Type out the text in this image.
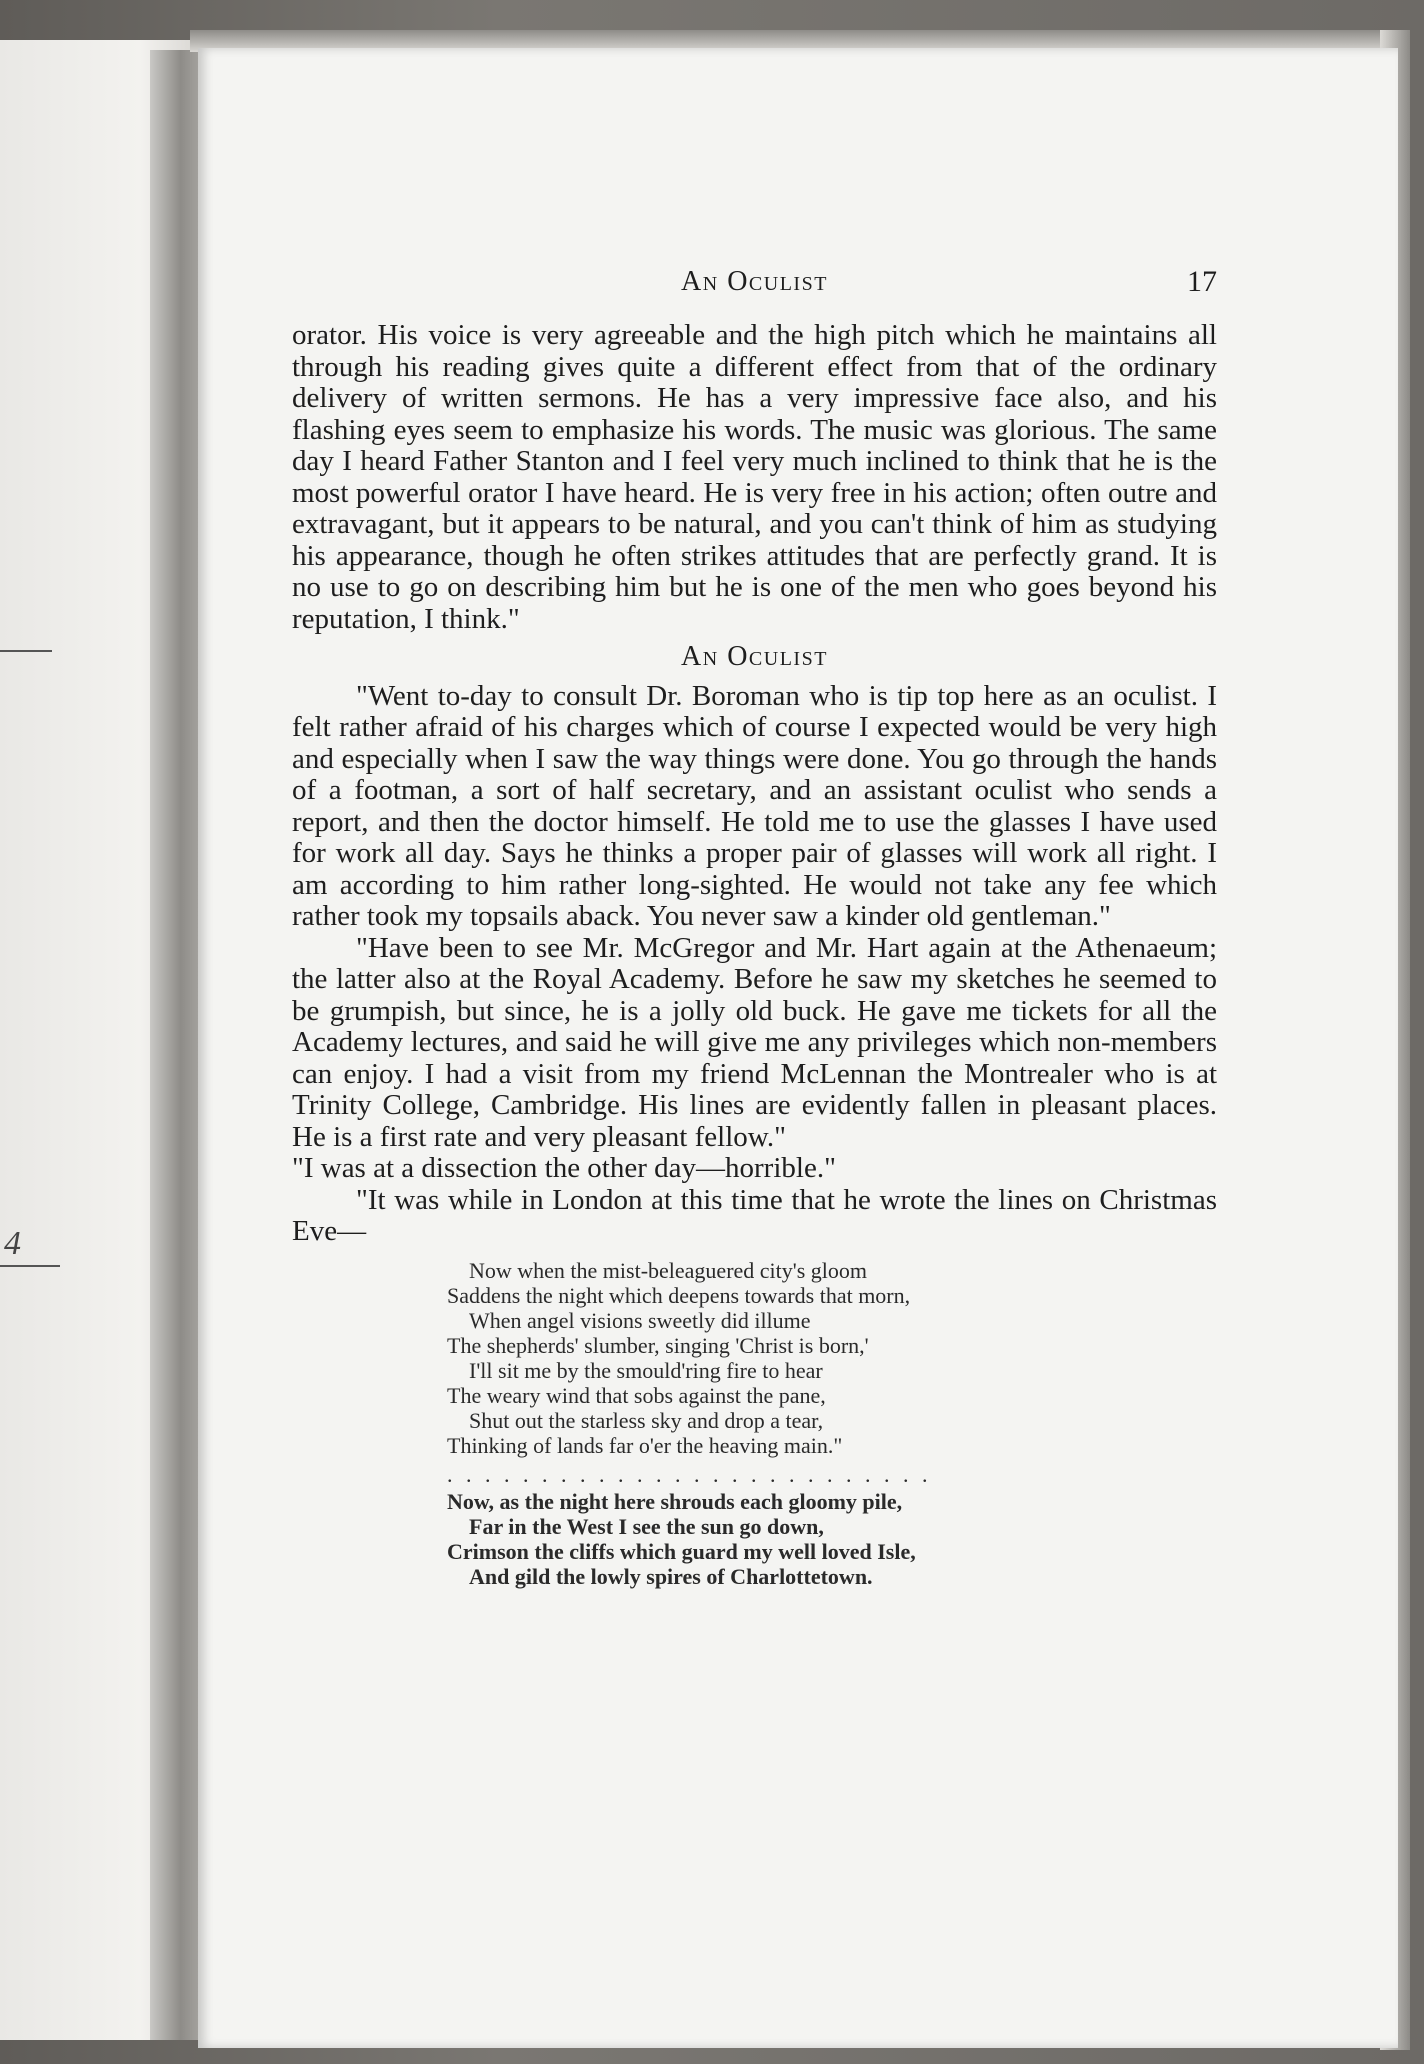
4
An Oculist	17

orator. His voice is very agreeable and the high pitch which he maintains all through his reading gives quite a different effect from that of the ordinary delivery of written sermons. He has a very impressive face also, and his flashing eyes seem to emphasize his words. The music was glorious. The same day I heard Father Stanton and I feel very much inclined to think that he is the most powerful orator I have heard. He is very free in his action; often outre and extravagant, but it appears to be natural, and you can't think of him as studying his appearance, though he often strikes attitudes that are perfectly grand. It is no use to go on describing him but he is one of the men who goes beyond his reputation, I think."

An Oculist

"Went to-day to consult Dr. Boroman who is tip top here as an oculist. I felt rather afraid of his charges which of course I expected would be very high and especially when I saw the way things were done. You go through the hands of a footman, a sort of half secretary, and an assistant oculist who sends a report, and then the doctor himself. He told me to use the glasses I have used for work all day. Says he thinks a proper pair of glasses will work all right. I am according to him rather long-sighted. He would not take any fee which rather took my topsails aback. You never saw a kinder old gentleman."

"Have been to see Mr. McGregor and Mr. Hart again at the Athenaeum; the latter also at the Royal Academy. Before he saw my sketches he seemed to be grumpish, but since, he is a jolly old buck. He gave me tickets for all the Academy lectures, and said he will give me any privileges which non-members can enjoy. I had a visit from my friend McLennan the Montrealer who is at Trinity College, Cambridge. His lines are evidently fallen in pleasant places. He is a first rate and very pleasant fellow."

"I was at a dissection the other day—horrible."

"It was while in London at this time that he wrote the lines on Christmas Eve—

Now when the mist-beleaguered city's gloom
Saddens the night which deepens towards that morn,
When angel visions sweetly did illume
The shepherds' slumber, singing 'Christ is born,'
I'll sit me by the smould'ring fire to hear
The weary wind that sobs against the pane,
Shut out the starless sky and drop a tear,
Thinking of lands far o'er the heaving main."
. . . . . . . . . . . . . . . . . . . . . . . . . .
Now, as the night here shrouds each gloomy pile,
Far in the West I see the sun go down,
Crimson the cliffs which guard my well loved Isle,
And gild the lowly spires of Charlottetown.
